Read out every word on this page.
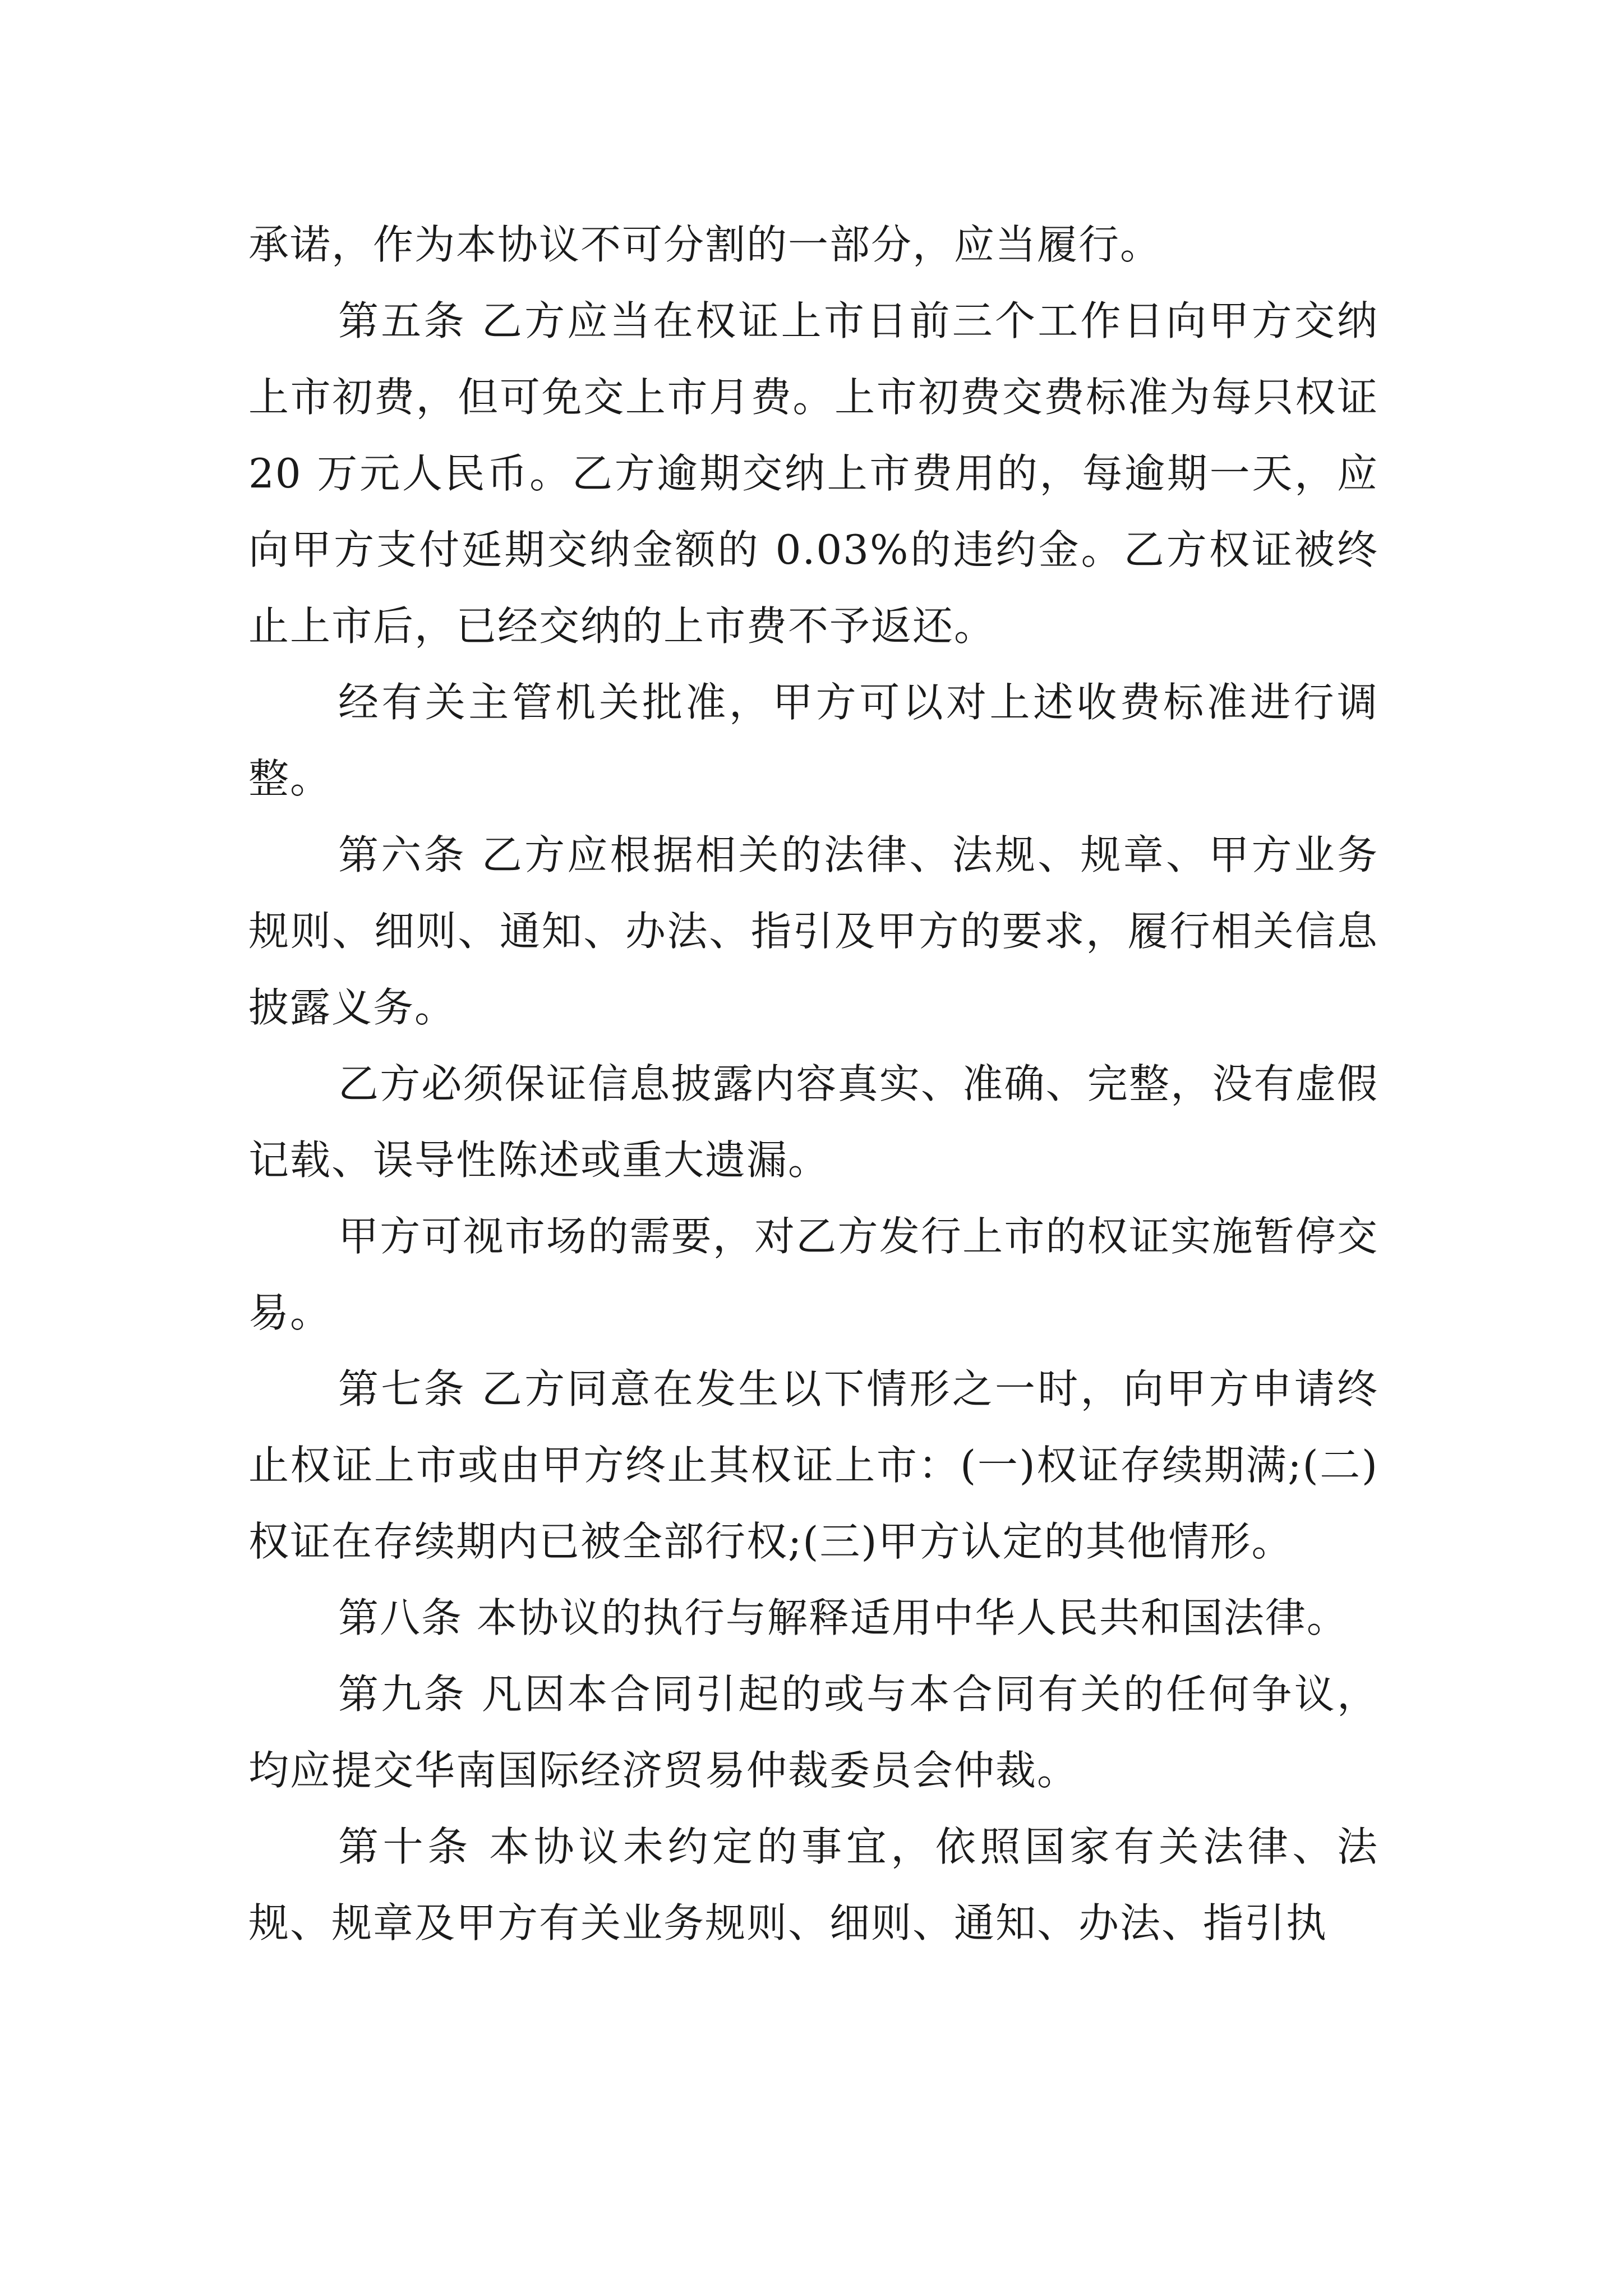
承诺，作为本协议不可分割的一部分，应当履行。

第五条 乙方应当在权证上市日前三个工作日向甲方交纳上市初费，但可免交上市月费。上市初费交费标准为每只权证 20 万元人民币。乙方逾期交纳上市费用的，每逾期一天，应向甲方支付延期交纳金额的 0.03%的违约金。乙方权证被终止上市后，已经交纳的上市费不予返还。

经有关主管机关批准，甲方可以对上述收费标准进行调整。

第六条 乙方应根据相关的法律、法规、规章、甲方业务规则、细则、通知、办法、指引及甲方的要求，履行相关信息披露义务。

乙方必须保证信息披露内容真实、准确、完整，没有虚假记载、误导性陈述或重大遗漏。

甲方可视市场的需要，对乙方发行上市的权证实施暂停交易。

第七条 乙方同意在发生以下情形之一时，向甲方申请终止权证上市或由甲方终止其权证上市：(一)权证存续期满;(二)权证在存续期内已被全部行权;(三)甲方认定的其他情形。

第八条 本协议的执行与解释适用中华人民共和国法律。

第九条 凡因本合同引起的或与本合同有关的任何争议，均应提交华南国际经济贸易仲裁委员会仲裁。

第十条 本协议未约定的事宜，依照国家有关法律、法规、规章及甲方有关业务规则、细则、通知、办法、指引执
